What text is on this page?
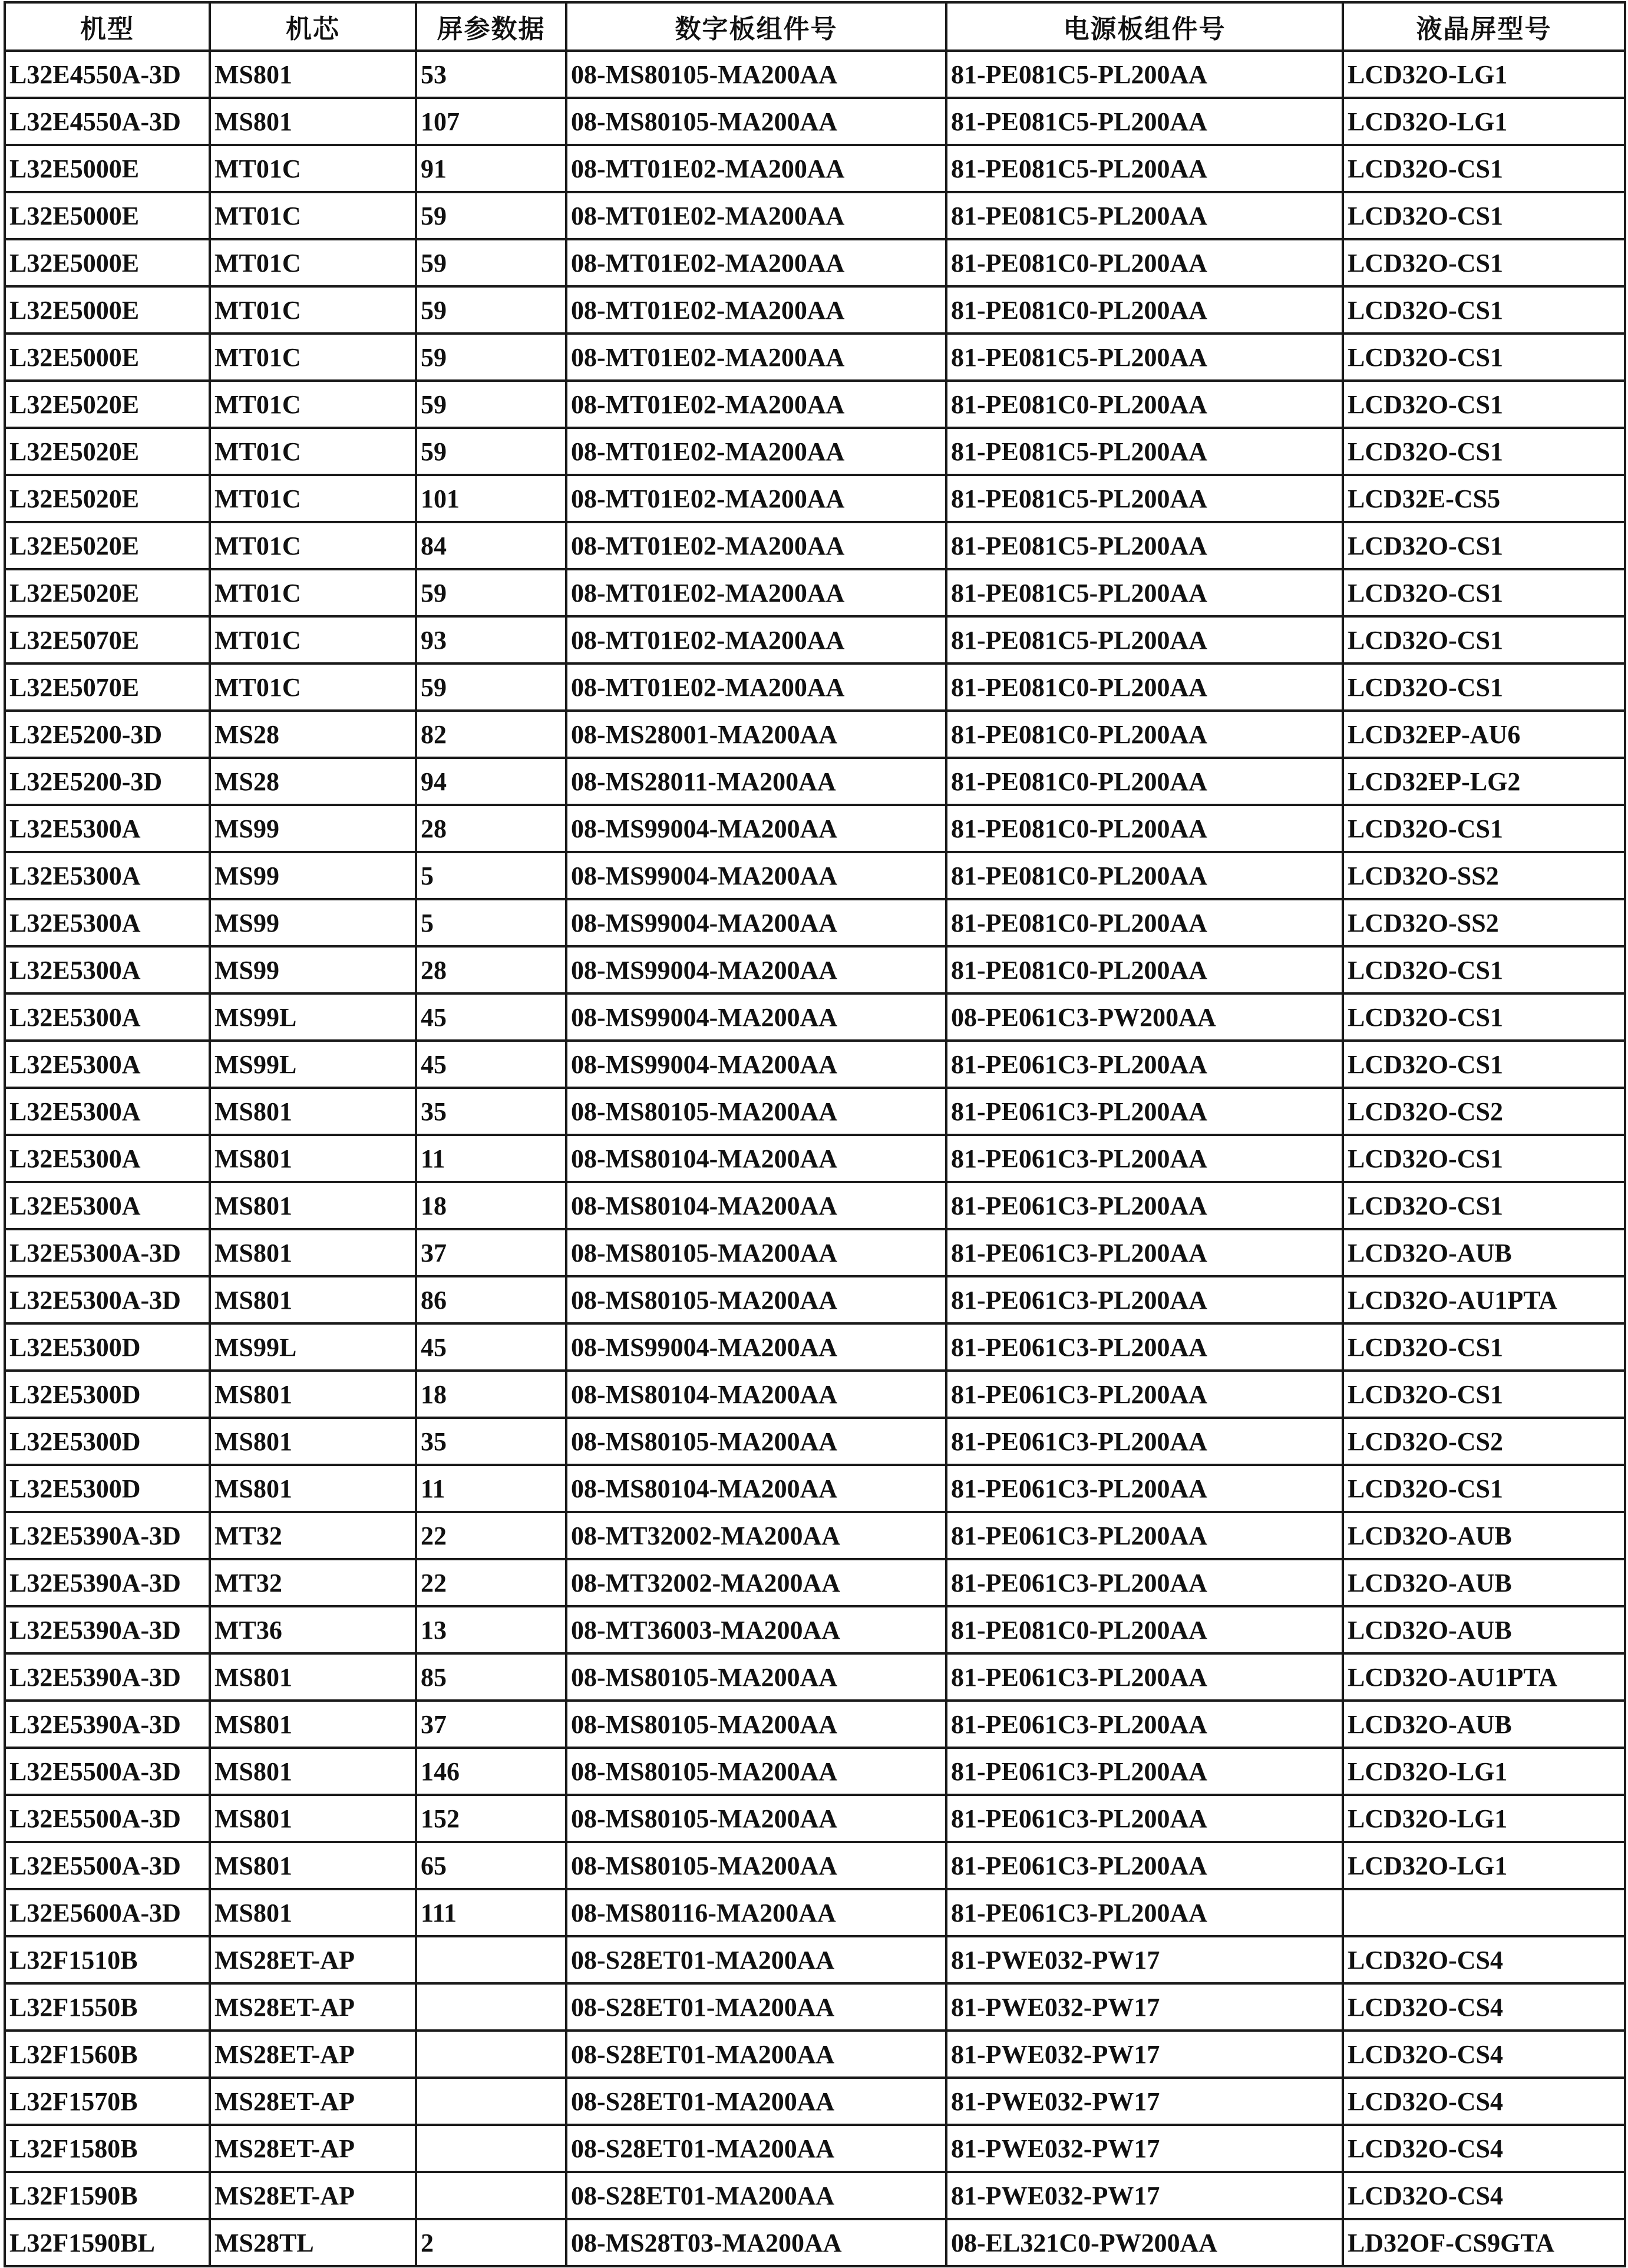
机型	机芯	屏参数据	数字板组件号	电源板组件号	液晶屏型号
L32E4550A-3D	MS801	53	08-MS80105-MA200AA	81-PE081C5-PL200AA	LCD32O-LG1
L32E4550A-3D	MS801	107	08-MS80105-MA200AA	81-PE081C5-PL200AA	LCD32O-LG1
L32E5000E	MT01C	91	08-MT01E02-MA200AA	81-PE081C5-PL200AA	LCD32O-CS1
L32E5000E	MT01C	59	08-MT01E02-MA200AA	81-PE081C5-PL200AA	LCD32O-CS1
L32E5000E	MT01C	59	08-MT01E02-MA200AA	81-PE081C0-PL200AA	LCD32O-CS1
L32E5000E	MT01C	59	08-MT01E02-MA200AA	81-PE081C0-PL200AA	LCD32O-CS1
L32E5000E	MT01C	59	08-MT01E02-MA200AA	81-PE081C5-PL200AA	LCD32O-CS1
L32E5020E	MT01C	59	08-MT01E02-MA200AA	81-PE081C0-PL200AA	LCD32O-CS1
L32E5020E	MT01C	59	08-MT01E02-MA200AA	81-PE081C5-PL200AA	LCD32O-CS1
L32E5020E	MT01C	101	08-MT01E02-MA200AA	81-PE081C5-PL200AA	LCD32E-CS5
L32E5020E	MT01C	84	08-MT01E02-MA200AA	81-PE081C5-PL200AA	LCD32O-CS1
L32E5020E	MT01C	59	08-MT01E02-MA200AA	81-PE081C5-PL200AA	LCD32O-CS1
L32E5070E	MT01C	93	08-MT01E02-MA200AA	81-PE081C5-PL200AA	LCD32O-CS1
L32E5070E	MT01C	59	08-MT01E02-MA200AA	81-PE081C0-PL200AA	LCD32O-CS1
L32E5200-3D	MS28	82	08-MS28001-MA200AA	81-PE081C0-PL200AA	LCD32EP-AU6
L32E5200-3D	MS28	94	08-MS28011-MA200AA	81-PE081C0-PL200AA	LCD32EP-LG2
L32E5300A	MS99	28	08-MS99004-MA200AA	81-PE081C0-PL200AA	LCD32O-CS1
L32E5300A	MS99	5	08-MS99004-MA200AA	81-PE081C0-PL200AA	LCD32O-SS2
L32E5300A	MS99	5	08-MS99004-MA200AA	81-PE081C0-PL200AA	LCD32O-SS2
L32E5300A	MS99	28	08-MS99004-MA200AA	81-PE081C0-PL200AA	LCD32O-CS1
L32E5300A	MS99L	45	08-MS99004-MA200AA	08-PE061C3-PW200AA	LCD32O-CS1
L32E5300A	MS99L	45	08-MS99004-MA200AA	81-PE061C3-PL200AA	LCD32O-CS1
L32E5300A	MS801	35	08-MS80105-MA200AA	81-PE061C3-PL200AA	LCD32O-CS2
L32E5300A	MS801	11	08-MS80104-MA200AA	81-PE061C3-PL200AA	LCD32O-CS1
L32E5300A	MS801	18	08-MS80104-MA200AA	81-PE061C3-PL200AA	LCD32O-CS1
L32E5300A-3D	MS801	37	08-MS80105-MA200AA	81-PE061C3-PL200AA	LCD32O-AUB
L32E5300A-3D	MS801	86	08-MS80105-MA200AA	81-PE061C3-PL200AA	LCD32O-AU1PTA
L32E5300D	MS99L	45	08-MS99004-MA200AA	81-PE061C3-PL200AA	LCD32O-CS1
L32E5300D	MS801	18	08-MS80104-MA200AA	81-PE061C3-PL200AA	LCD32O-CS1
L32E5300D	MS801	35	08-MS80105-MA200AA	81-PE061C3-PL200AA	LCD32O-CS2
L32E5300D	MS801	11	08-MS80104-MA200AA	81-PE061C3-PL200AA	LCD32O-CS1
L32E5390A-3D	MT32	22	08-MT32002-MA200AA	81-PE061C3-PL200AA	LCD32O-AUB
L32E5390A-3D	MT32	22	08-MT32002-MA200AA	81-PE061C3-PL200AA	LCD32O-AUB
L32E5390A-3D	MT36	13	08-MT36003-MA200AA	81-PE081C0-PL200AA	LCD32O-AUB
L32E5390A-3D	MS801	85	08-MS80105-MA200AA	81-PE061C3-PL200AA	LCD32O-AU1PTA
L32E5390A-3D	MS801	37	08-MS80105-MA200AA	81-PE061C3-PL200AA	LCD32O-AUB
L32E5500A-3D	MS801	146	08-MS80105-MA200AA	81-PE061C3-PL200AA	LCD32O-LG1
L32E5500A-3D	MS801	152	08-MS80105-MA200AA	81-PE061C3-PL200AA	LCD32O-LG1
L32E5500A-3D	MS801	65	08-MS80105-MA200AA	81-PE061C3-PL200AA	LCD32O-LG1
L32E5600A-3D	MS801	111	08-MS80116-MA200AA	81-PE061C3-PL200AA	
L32F1510B	MS28ET-AP		08-S28ET01-MA200AA	81-PWE032-PW17	LCD32O-CS4
L32F1550B	MS28ET-AP		08-S28ET01-MA200AA	81-PWE032-PW17	LCD32O-CS4
L32F1560B	MS28ET-AP		08-S28ET01-MA200AA	81-PWE032-PW17	LCD32O-CS4
L32F1570B	MS28ET-AP		08-S28ET01-MA200AA	81-PWE032-PW17	LCD32O-CS4
L32F1580B	MS28ET-AP		08-S28ET01-MA200AA	81-PWE032-PW17	LCD32O-CS4
L32F1590B	MS28ET-AP		08-S28ET01-MA200AA	81-PWE032-PW17	LCD32O-CS4
L32F1590BL	MS28TL	2	08-MS28T03-MA200AA	08-EL321C0-PW200AA	LD32OF-CS9GTA
